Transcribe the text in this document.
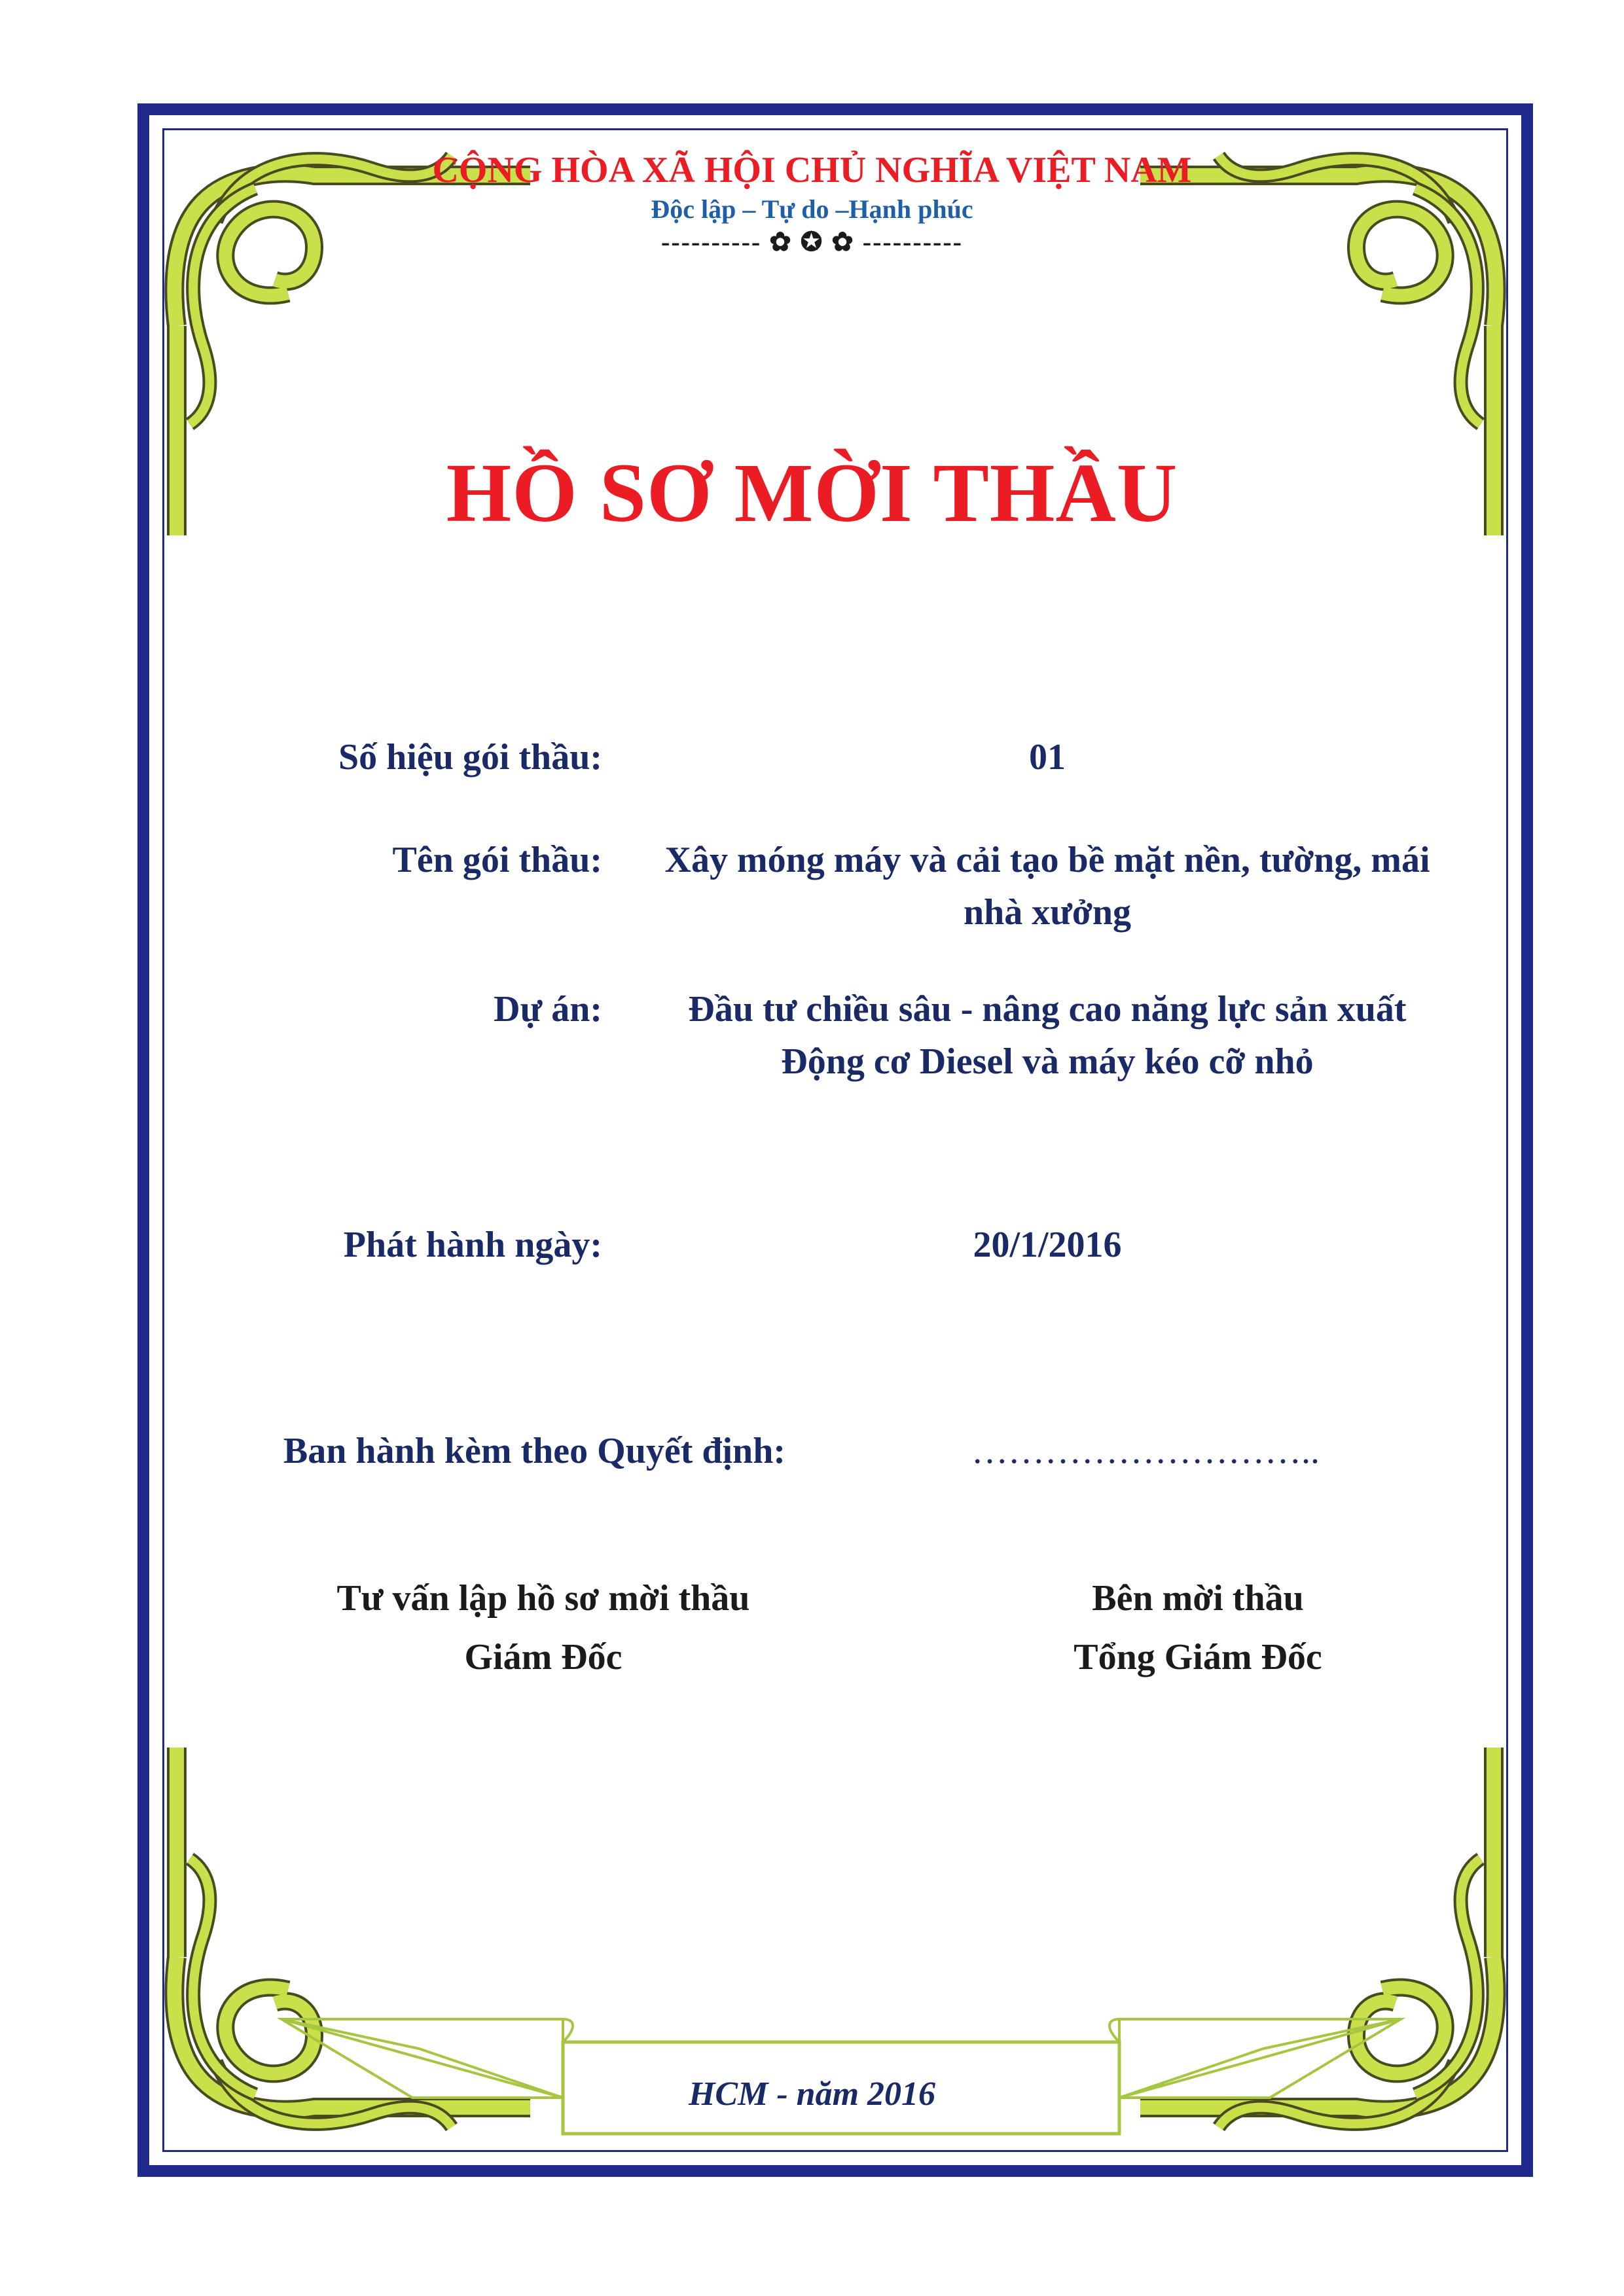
CỘNG HÒA XÃ HỘI CHỦ NGHĨA VIỆT NAM

Độc lập – Tự do –Hạnh phúc

---------- ✿ ✪ ✿ ----------

HỒ SƠ MỜI THẦU

Số hiệu gói thầu:	01

Tên gói thầu:	Xây móng máy và cải tạo bề mặt nền, tường, mái

nhà xưởng

Dự án:	Đầu tư chiều sâu - nâng cao năng lực sản xuất

Động cơ Diesel và máy kéo cỡ nhỏ

Phát hành ngày:	20/1/2016

Ban hành kèm theo Quyết định:	………………………..

Tư vấn lập hồ sơ mời thầu

Giám Đốc

Bên mời thầu

Tổng Giám Đốc

HCM - năm 2016
